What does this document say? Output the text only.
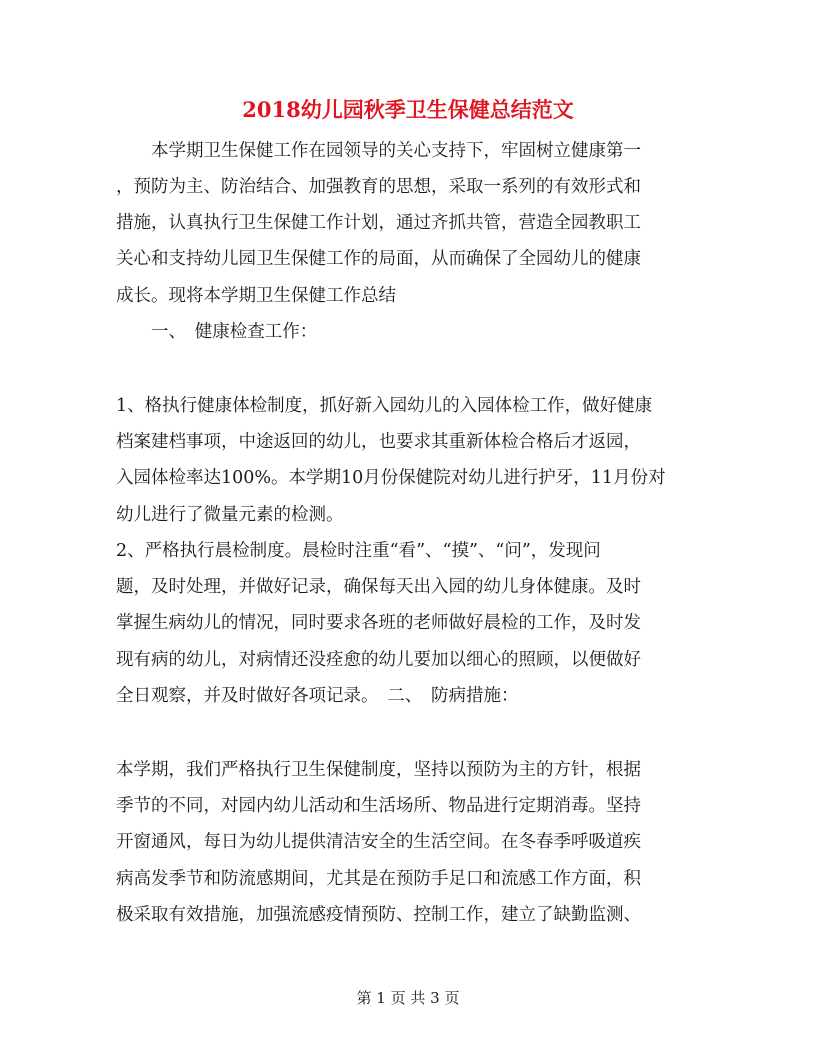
2018幼儿园秋季卫生保健总结范文
　　本学期卫生保健工作在园领导的关心支持下，牢固树立健康第一
，预防为主、防治结合、加强教育的思想，采取一系列的有效形式和
措施，认真执行卫生保健工作计划，通过齐抓共管，营造全园教职工
关心和支持幼儿园卫生保健工作的局面，从而确保了全园幼儿的健康
成长。现将本学期卫生保健工作总结
　　一、　健康检查工作：
1、格执行健康体检制度，抓好新入园幼儿的入园体检工作，做好健康
档案建档事项，中途返回的幼儿，也要求其重新体检合格后才返园，
入园体检率达100%。本学期10月份保健院对幼儿进行护牙，11月份对
幼儿进行了微量元素的检测。
2、严格执行晨检制度。晨检时注重“看”、“摸”、“问”，发现问
题，及时处理，并做好记录，确保每天出入园的幼儿身体健康。及时
掌握生病幼儿的情况，同时要求各班的老师做好晨检的工作，及时发
现有病的幼儿，对病情还没痊愈的幼儿要加以细心的照顾，以便做好
全日观察，并及时做好各项记录。　二、　防病措施：
本学期，我们严格执行卫生保健制度，坚持以预防为主的方针，根据
季节的不同，对园内幼儿活动和生活场所、物品进行定期消毒。坚持
开窗通风，每日为幼儿提供清洁安全的生活空间。在冬春季呼吸道疾
病高发季节和防流感期间，尤其是在预防手足口和流感工作方面，积
极采取有效措施，加强流感疫情预防、控制工作，建立了缺勤监测、
第 1 页 共 3 页
